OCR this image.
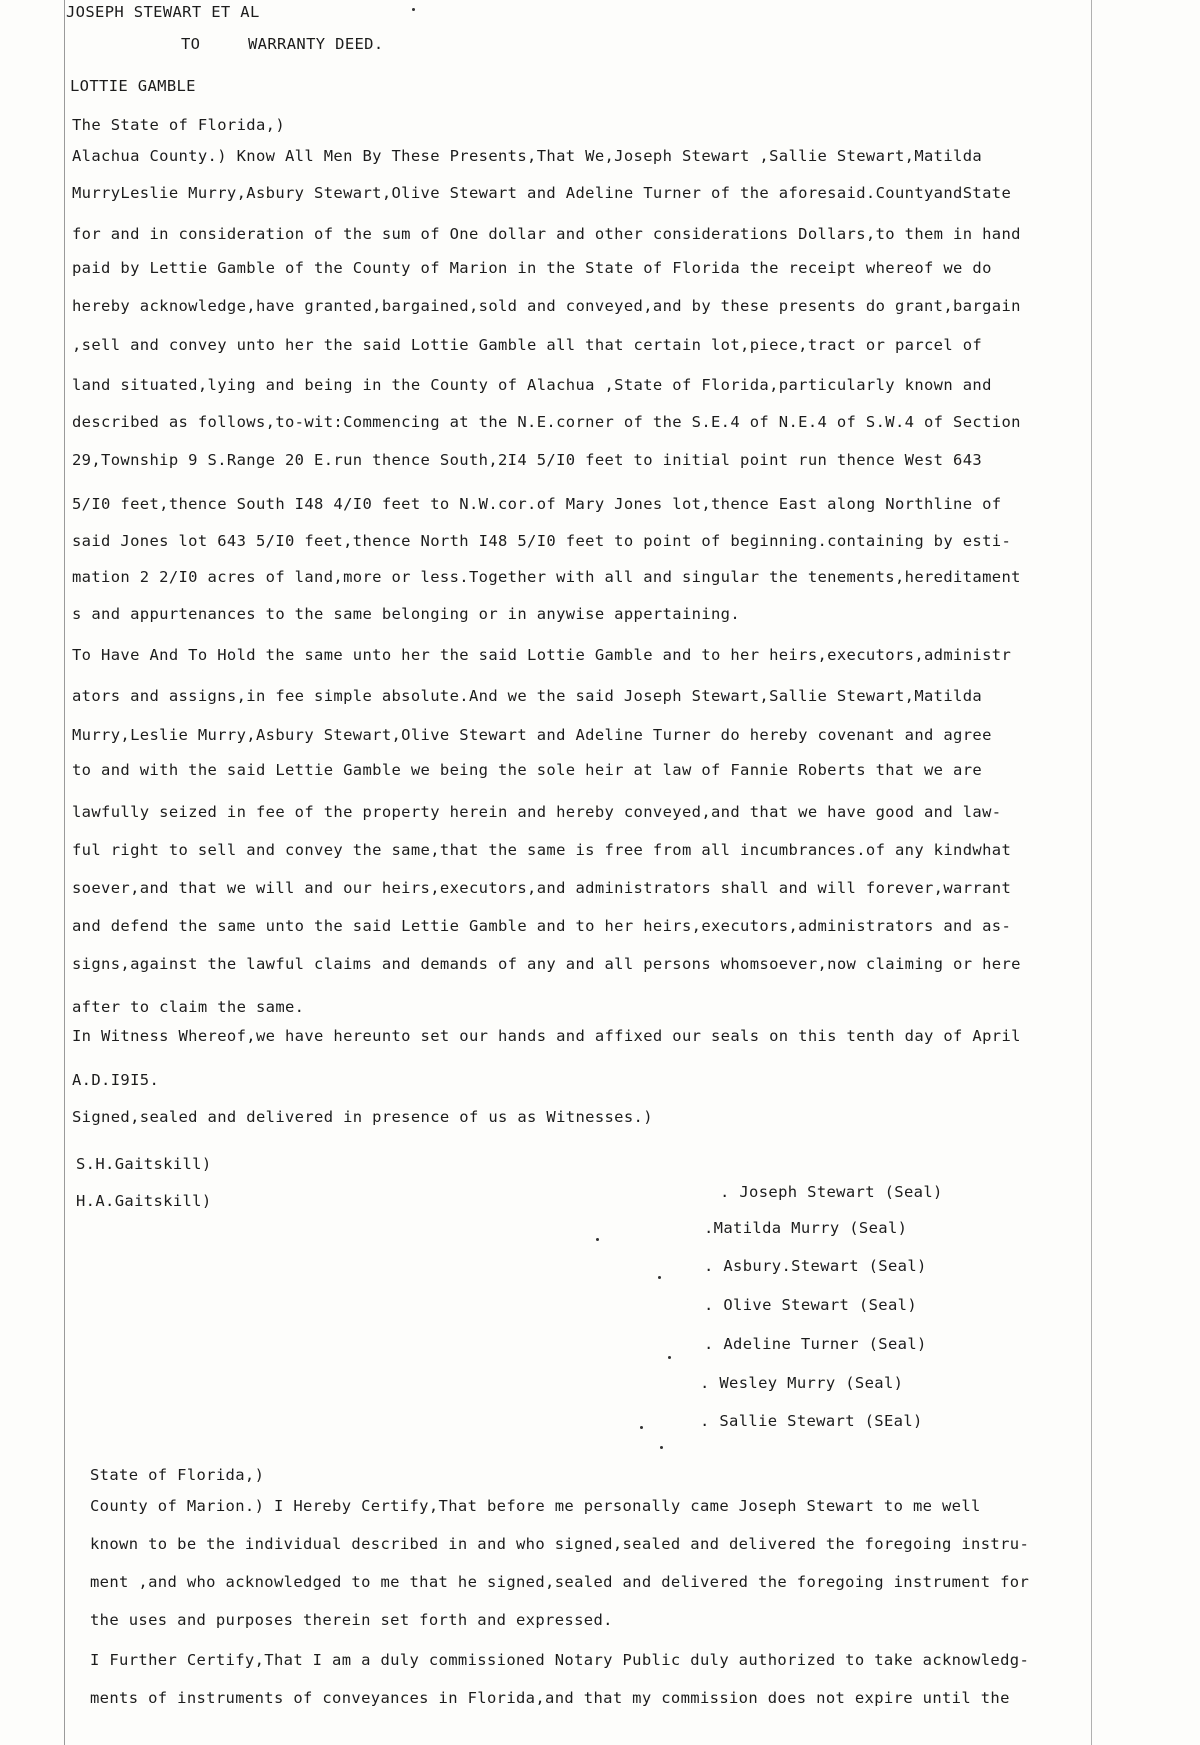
JOSEPH STEWART ET AL
TO	WARRANTY DEED.
LOTTIE GAMBLE
The State of Florida,)
Alachua County.) Know All Men By These Presents,That We,Joseph Stewart ,Sallie Stewart,Matilda
MurryLeslie Murry,Asbury Stewart,Olive Stewart and Adeline Turner of the aforesaid.CountyandState
for and in consideration of the sum of One dollar and other considerations Dollars,to them in hand
paid by Lettie Gamble of the County of Marion in the State of Florida the receipt whereof we do
hereby acknowledge,have granted,bargained,sold and conveyed,and by these presents do grant,bargain
,sell and convey unto her the said Lottie Gamble all that certain lot,piece,tract or parcel of
land situated,lying and being in the County of Alachua ,State of Florida,particularly known and
described as follows,to-wit:Commencing at the N.E.corner of the S.E.4 of N.E.4 of S.W.4 of Section
29,Township 9 S.Range 20 E.run thence South,2I4 5/I0 feet to initial point run thence West 643
5/I0 feet,thence South I48 4/I0 feet to N.W.cor.of Mary Jones lot,thence East along Northline of
said Jones lot 643 5/I0 feet,thence North I48 5/I0 feet to point of beginning.containing by esti-
mation 2 2/I0 acres of land,more or less.Together with all and singular the tenements,hereditament
s and appurtenances to the same belonging or in anywise appertaining.
To Have And To Hold the same unto her the said Lottie Gamble and to her heirs,executors,administr
ators and assigns,in fee simple absolute.And we the said Joseph Stewart,Sallie Stewart,Matilda
Murry,Leslie Murry,Asbury Stewart,Olive Stewart and Adeline Turner do hereby covenant and agree
to and with the said Lettie Gamble we being the sole heir at law of Fannie Roberts that we are
lawfully seized in fee of the property herein and hereby conveyed,and that we have good and law-
ful right to sell and convey the same,that the same is free from all incumbrances.of any kindwhat
soever,and that we will and our heirs,executors,and administrators shall and will forever,warrant
and defend the same unto the said Lettie Gamble and to her heirs,executors,administrators and as-
signs,against the lawful claims and demands of any and all persons whomsoever,now claiming or here
after to claim the same.
In Witness Whereof,we have hereunto set our hands and affixed our seals on this tenth day of April
A.D.I9I5.
Signed,sealed and delivered in presence of us as Witnesses.)
S.H.Gaitskill)
H.A.Gaitskill)	. Joseph Stewart (Seal)
.Matilda Murry (Seal)
. Asbury.Stewart (Seal)
. Olive Stewart (Seal)
. Adeline Turner (Seal)
. Wesley Murry (Seal)
. Sallie Stewart (SEal)
State of Florida,)
County of Marion.) I Hereby Certify,That before me personally came Joseph Stewart to me well
known to be the individual described in and who signed,sealed and delivered the foregoing instru-
ment ,and who acknowledged to me that he signed,sealed and delivered the foregoing instrument for
the uses and purposes therein set forth and expressed.
I Further Certify,That I am a duly commissioned Notary Public duly authorized to take acknowledg-
ments of instruments of conveyances in Florida,and that my commission does not expire until the
